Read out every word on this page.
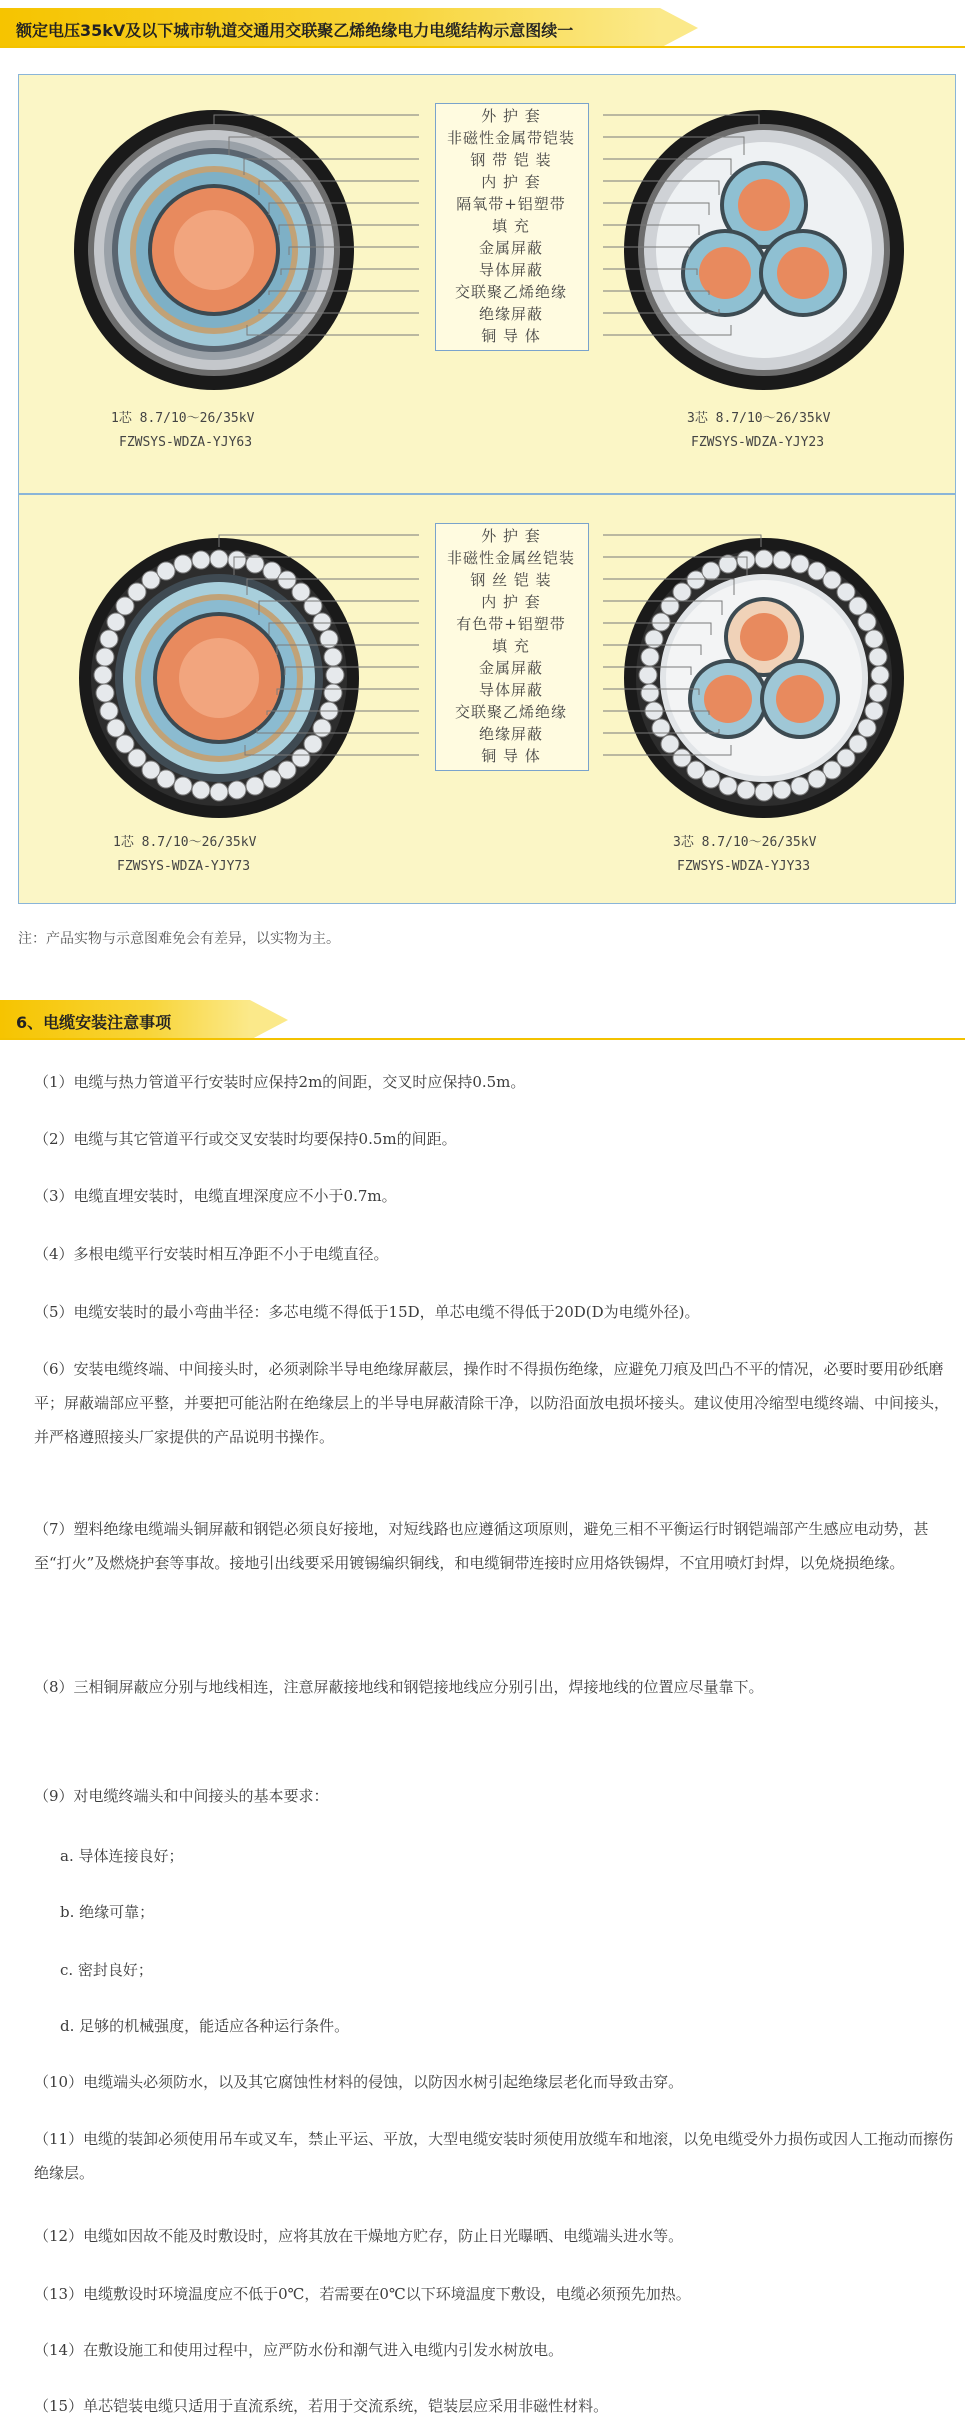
额定电压35kV及以下城市轨道交通用交联聚乙烯绝缘电力电缆结构示意图续一
外 护 套
非磁性金属带铠装
钢 带 铠 装
内 护 套
隔氧带+铝塑带
填 充
金属屏蔽
导体屏蔽
交联聚乙烯绝缘
绝缘屏蔽
铜 导 体
1芯 8.7/10～26/35kV
FZWSYS-WDZA-YJY63
3芯 8.7/10～26/35kV
FZWSYS-WDZA-YJY23
外 护 套
非磁性金属丝铠装
钢 丝 铠 装
内 护 套
有色带+铝塑带
填 充
金属屏蔽
导体屏蔽
交联聚乙烯绝缘
绝缘屏蔽
铜 导 体
1芯 8.7/10～26/35kV
FZWSYS-WDZA-YJY73
3芯 8.7/10～26/35kV
FZWSYS-WDZA-YJY33
注：产品实物与示意图难免会有差异，以实物为主。
6、电缆安装注意事项
（1）电缆与热力管道平行安装时应保持2m的间距，交叉时应保持0.5m。
（2）电缆与其它管道平行或交叉安装时均要保持0.5m的间距。
（3）电缆直埋安装时，电缆直埋深度应不小于0.7m。
（4）多根电缆平行安装时相互净距不小于电缆直径。
（5）电缆安装时的最小弯曲半径：多芯电缆不得低于15D，单芯电缆不得低于20D(D为电缆外径)。
（6）安装电缆终端、中间接头时，必须剥除半导电绝缘屏蔽层，操作时不得损伤绝缘，应避免刀痕及凹凸不平的情况，必要时要用砂纸磨平；屏蔽端部应平整，并要把可能沾附在绝缘层上的半导电屏蔽清除干净，以防沿面放电损坏接头。建议使用冷缩型电缆终端、中间接头，并严格遵照接头厂家提供的产品说明书操作。
（7）塑料绝缘电缆端头铜屏蔽和钢铠必须良好接地，对短线路也应遵循这项原则，避免三相不平衡运行时钢铠端部产生感应电动势，甚至“打火”及燃烧护套等事故。接地引出线要采用镀锡编织铜线，和电缆铜带连接时应用烙铁锡焊，不宜用喷灯封焊，以免烧损绝缘。
（8）三相铜屏蔽应分别与地线相连，注意屏蔽接地线和钢铠接地线应分别引出，焊接地线的位置应尽量靠下。
（9）对电缆终端头和中间接头的基本要求：
a. 导体连接良好；
b. 绝缘可靠；
c. 密封良好；
d. 足够的机械强度，能适应各种运行条件。
（10）电缆端头必须防水，以及其它腐蚀性材料的侵蚀，以防因水树引起绝缘层老化而导致击穿。
（11）电缆的装卸必须使用吊车或叉车，禁止平运、平放，大型电缆安装时须使用放缆车和地滚，以免电缆受外力损伤或因人工拖动而擦伤绝缘层。
（12）电缆如因故不能及时敷设时，应将其放在干燥地方贮存，防止日光曝晒、电缆端头进水等。
（13）电缆敷设时环境温度应不低于0℃，若需要在0℃以下环境温度下敷设，电缆必须预先加热。
（14）在敷设施工和使用过程中，应严防水份和潮气进入电缆内引发水树放电。
（15）单芯铠装电缆只适用于直流系统，若用于交流系统，铠装层应采用非磁性材料。
